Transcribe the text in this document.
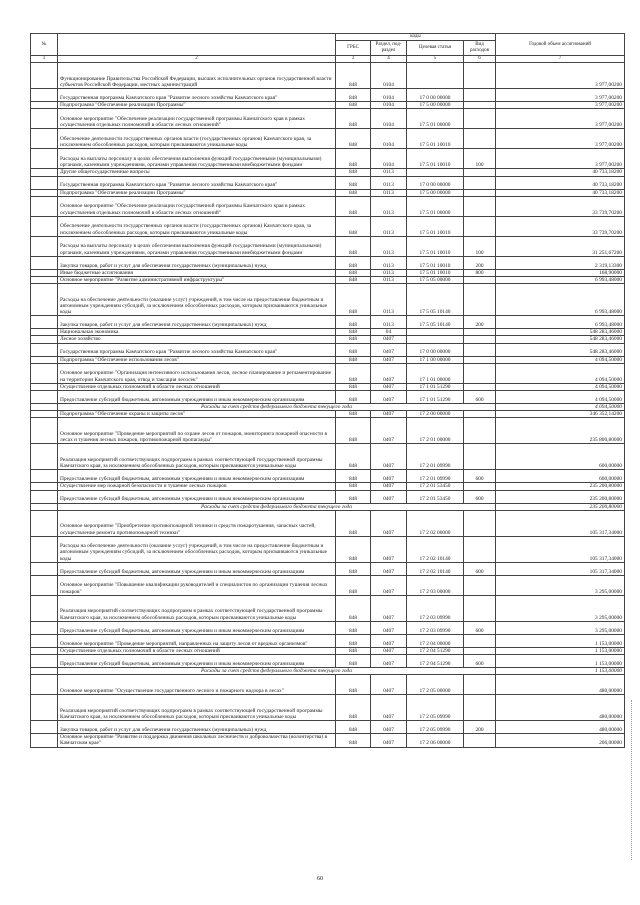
№		коды				Годовой объем ассигнований
		ГРБС	Раздел, под-раздел	Целевая статья	Вид расходов	
1	2	3	4	5	6	7
	Функционирование Правительства Российской Федерации, высших исполнительных органов государственной власти субъектов Российской Федерации, местных администраций	848	0104			3 977,00200
	Государственная программа Камчатского края "Развитие лесного хозяйства Камчатского края"	848	0104	17 0 00 00000		3 977,00200
	Подпрограмма "Обеспечение реализации Программы"	848	0104	17 5 00 00000		3 977,00200
	Основное мероприятие "Обеспечение реализации государственной программы Камчатского края в рамках осуществления отдельных полномочий в области лесных отношений"	848	0104	17 5 01 00000		3 977,00200
	Обеспечение деятельности государственных органов власти (государственных органов) Камчатского края, за исключением обособленных расходов, которым присваиваются уникальные коды	848	0104	17 5 01 10010		3 977,00200
	Расходы на выплаты персоналу в целях обеспечения выполнения функций государственными (муниципальными) органами, казенными учреждениями, органами управления государственными внебюджетными фондами	848	0104	17 5 01 10010	100	3 977,00200
	Другие общегосударственные вопросы	848	0113			40 733,18200
	Государственная программа Камчатского края "Развитие лесного хозяйства Камчатского края"	848	0113	17 0 00 00000		40 733,18200
	Подпрограмма "Обеспечение реализации Программы"	848	0113	17 5 00 00000		40 733,18200
	Основное мероприятие "Обеспечение реализации государственной программы Камчатского края в рамках осуществления отдельных полномочий в области лесных отношений"	848	0113	17 5 01 00000		33 739,70200
	Обеспечение деятельности государственных органов власти (государственных органов) Камчатского края, за исключением обособленных расходов, которым присваиваются уникальные коды	848	0113	17 5 01 10010		33 739,70200
	Расходы на выплаты персоналу в целях обеспечения выполнения функций государственными (муниципальными) органами, казенными учреждениями, органами управления государственными внебюджетными фондами	848	0113	17 5 01 10010	100	31 251,67200
	Закупка товаров, работ и услуг для обеспечения государственных (муниципальных) нужд	848	0113	17 5 01 10010	200	2 319,13300
	Иные бюджетные ассигнования	848	0113	17 5 01 10010	800	168,90000
	Основное мероприятие "Развитие административной инфраструктуры"	848	0113	17 5 05 00000		6 993,48000
	Расходы на обеспечение деятельности (оказание услуг) учреждений, в том числе на предоставление бюджетным и автономным учреждениям субсидий, за исключением обособленных расходов, которым присваиваются уникальные коды	848	0113	17 5 05 10140		6 993,48000
	Закупка товаров, работ и услуг для обеспечения государственных (муниципальных) нужд	848	0113	17 5 05 10140	200	6 993,48000
	Национальная экономика	848	04			548 283,46000
	Лесное хозяйство	848	0407			548 283,46000
	Государственная программа Камчатского края "Развитие лесного хозяйства Камчатского края"	848	0407	17 0 00 00000		548 283,46000
	Подпрограмма "Обеспечение использования лесов"	848	0407	17 1 00 00000		4 094,50000
	Основное мероприятие "Организация интенсивного использования лесов, лесное планирование и регламентирование на территории Камчатского края, отвод и таксация лесосек"	848	0407	17 1 01 00000		4 094,50000
	Осуществление отдельных полномочий в области лесных отношений	848	0407	17 1 01 51290		4 094,50000
	Предоставление субсидий бюджетным, автономным учреждениям и иным некоммерческим организациям	848	0407	17 1 01 51290	600	4 094,50000
	Расходы за счет средств федерального бюджета текущего года					4 094,50000
	Подпрограмма "Обеспечение охраны и защиты лесов"	848	0407	17 2 00 00000		346 352,14200
	Основное мероприятие "Проведение мероприятий по охране лесов от пожаров, мониторинга пожарной опасности в лесах и тушения лесных пожаров, противопожарной пропаганды"	848	0407	17 2 01 00000		235 800,80000
	Реализация мероприятий соответствующих подпрограмм в рамках соответствующей государственной программы Камчатского края, за исключением обособленных расходов, которым присваиваются уникальные коды	848	0407	17 2 01 09990		600,00000
	Предоставление субсидий бюджетным, автономным учреждениям и иным некоммерческим организациям	848	0407	17 2 01 09990	600	600,00000
	Осуществление мер пожарной безопасности и тушение лесных пожаров	848	0407	17 2 01 53450		235 200,80000
	Предоставление субсидий бюджетным, автономным учреждениям и иным некоммерческим организациям	848	0407	17 2 01 53450	600	235 200,80000
	Расходы за счет средств федерального бюджета текущего года					235 200,80000
	Основное мероприятие "Приобретение противопожарной техники и средств пожаротушения, запасных частей, осуществление ремонта противопожарной техники"	848	0407	17 2 02 00000		105 317,34000
	Расходы на обеспечение деятельности (оказание услуг) учреждений, в том числе на предоставление бюджетным и автономным учреждениям субсидий, за исключением обособленных расходов, которым присваиваются уникальные коды	848	0407	17 2 02 10140		105 317,34000
	Предоставление субсидий бюджетным, автономным учреждениям и иным некоммерческим организациям	848	0407	17 2 02 10140	600	105 317,34000
	Основное мероприятие "Повышение квалификации руководителей и специалистов по организации тушения лесных пожаров"	848	0407	17 2 03 00000		3 295,00000
	Реализация мероприятий соответствующих подпрограмм в рамках соответствующей государственной программы Камчатского края, за исключением обособленных расходов, которым присваиваются уникальные коды	848	0407	17 2 03 09990		3 295,00000
	Предоставление субсидий бюджетным, автономным учреждениям и иным некоммерческим организациям	848	0407	17 2 03 09990	600	3 295,00000
	Основное мероприятие "Проведение мероприятий, направленных на защиту лесов от вредных организмов"	848	0407	17 2 04 00000		1 153,00000
	Осуществление отдельных полномочий в области лесных отношений	848	0407	17 2 04 51290		1 153,00000
	Предоставление субсидий бюджетным, автономным учреждениям и иным некоммерческим организациям	848	0407	17 2 04 51290	600	1 153,00000
	Расходы за счет средств федерального бюджета текущего года					1 153,00000
	Основное мероприятие "Осуществление государственного лесного и пожарного надзора в лесах"	848	0407	17 2 05 00000		480,00000
	Реализация мероприятий соответствующих подпрограмм в рамках соответствующей государственной программы Камчатского края, за исключением обособленных расходов, которым присваиваются уникальные коды	848	0407	17 2 05 09990		480,00000
	Закупка товаров, работ и услуг для обеспечения государственных (муниципальных) нужд	848	0407	17 2 05 09990	200	480,00000
	Основное мероприятие "Развитие и поддержка движения школьных лесничеств и добровольчества (волонтерства) в Камчатском крае"	848	0407	17 2 06 00000		206,00000
60
